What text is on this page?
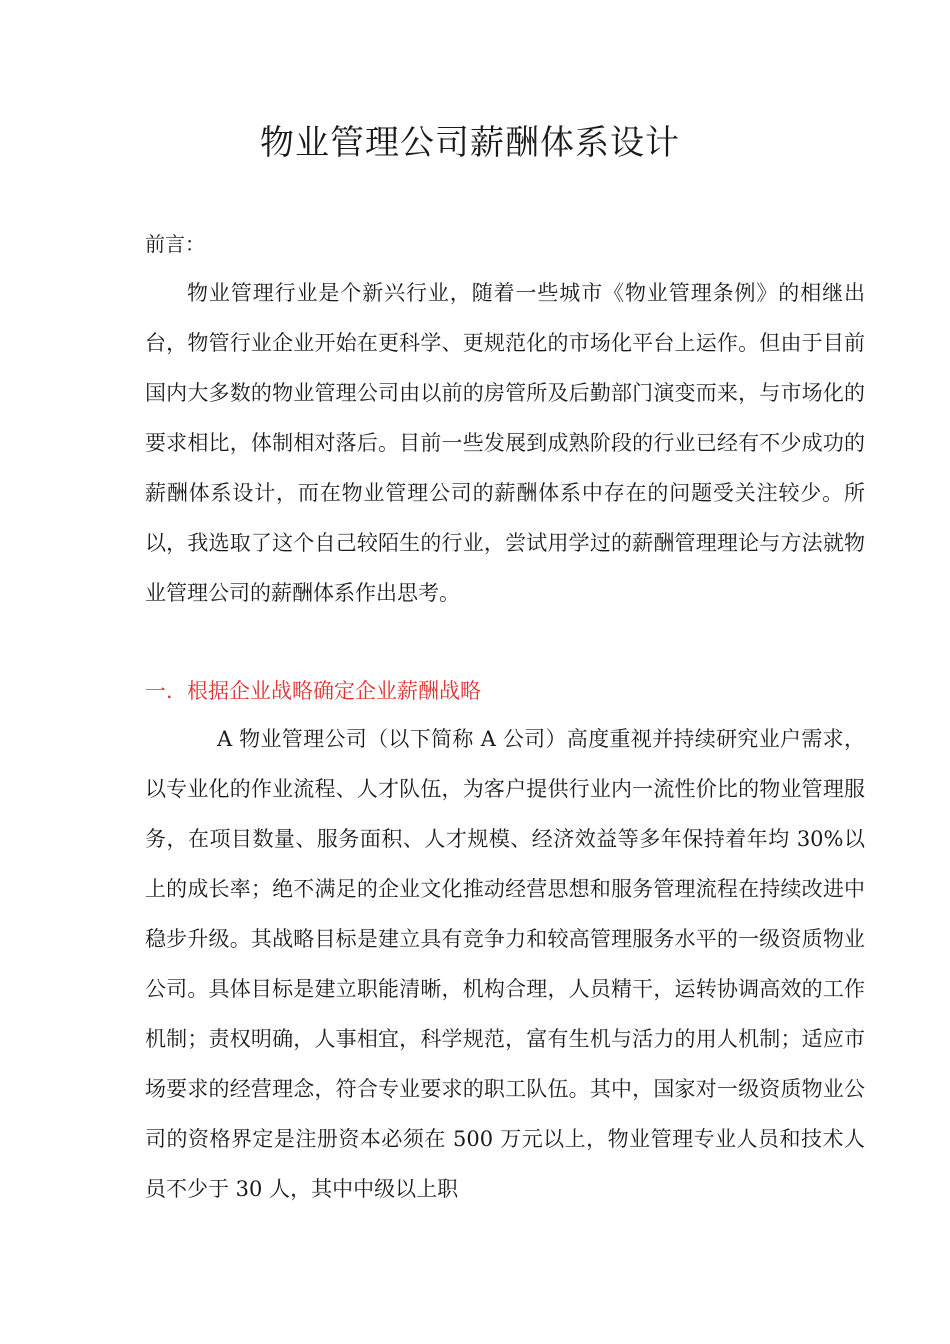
物业管理公司薪酬体系设计
前言：

物业管理行业是个新兴行业，随着一些城市《物业管理条例》的相继出台，物管行业企业开始在更科学、更规范化的市场化平台上运作。但由于目前国内大多数的物业管理公司由以前的房管所及后勤部门演变而来，与市场化的要求相比，体制相对落后。目前一些发展到成熟阶段的行业已经有不少成功的薪酬体系设计，而在物业管理公司的薪酬体系中存在的问题受关注较少。所以，我选取了这个自己较陌生的行业，尝试用学过的薪酬管理理论与方法就物业管理公司的薪酬体系作出思考。

一．根据企业战略确定企业薪酬战略

A 物业管理公司（以下简称 A 公司）高度重视并持续研究业户需求，以专业化的作业流程、人才队伍，为客户提供行业内一流性价比的物业管理服务，在项目数量、服务面积、人才规模、经济效益等多年保持着年均 30%以上的成长率；绝不满足的企业文化推动经营思想和服务管理流程在持续改进中稳步升级。其战略目标是建立具有竞争力和较高管理服务水平的一级资质物业公司。具体目标是建立职能清晰，机构合理，人员精干，运转协调高效的工作机制；责权明确，人事相宜，科学规范，富有生机与活力的用人机制；适应市场要求的经营理念，符合专业要求的职工队伍。其中，国家对一级资质物业公司的资格界定是注册资本必须在 500 万元以上，物业管理专业人员和技术人员不少于 30 人，其中中级以上职
